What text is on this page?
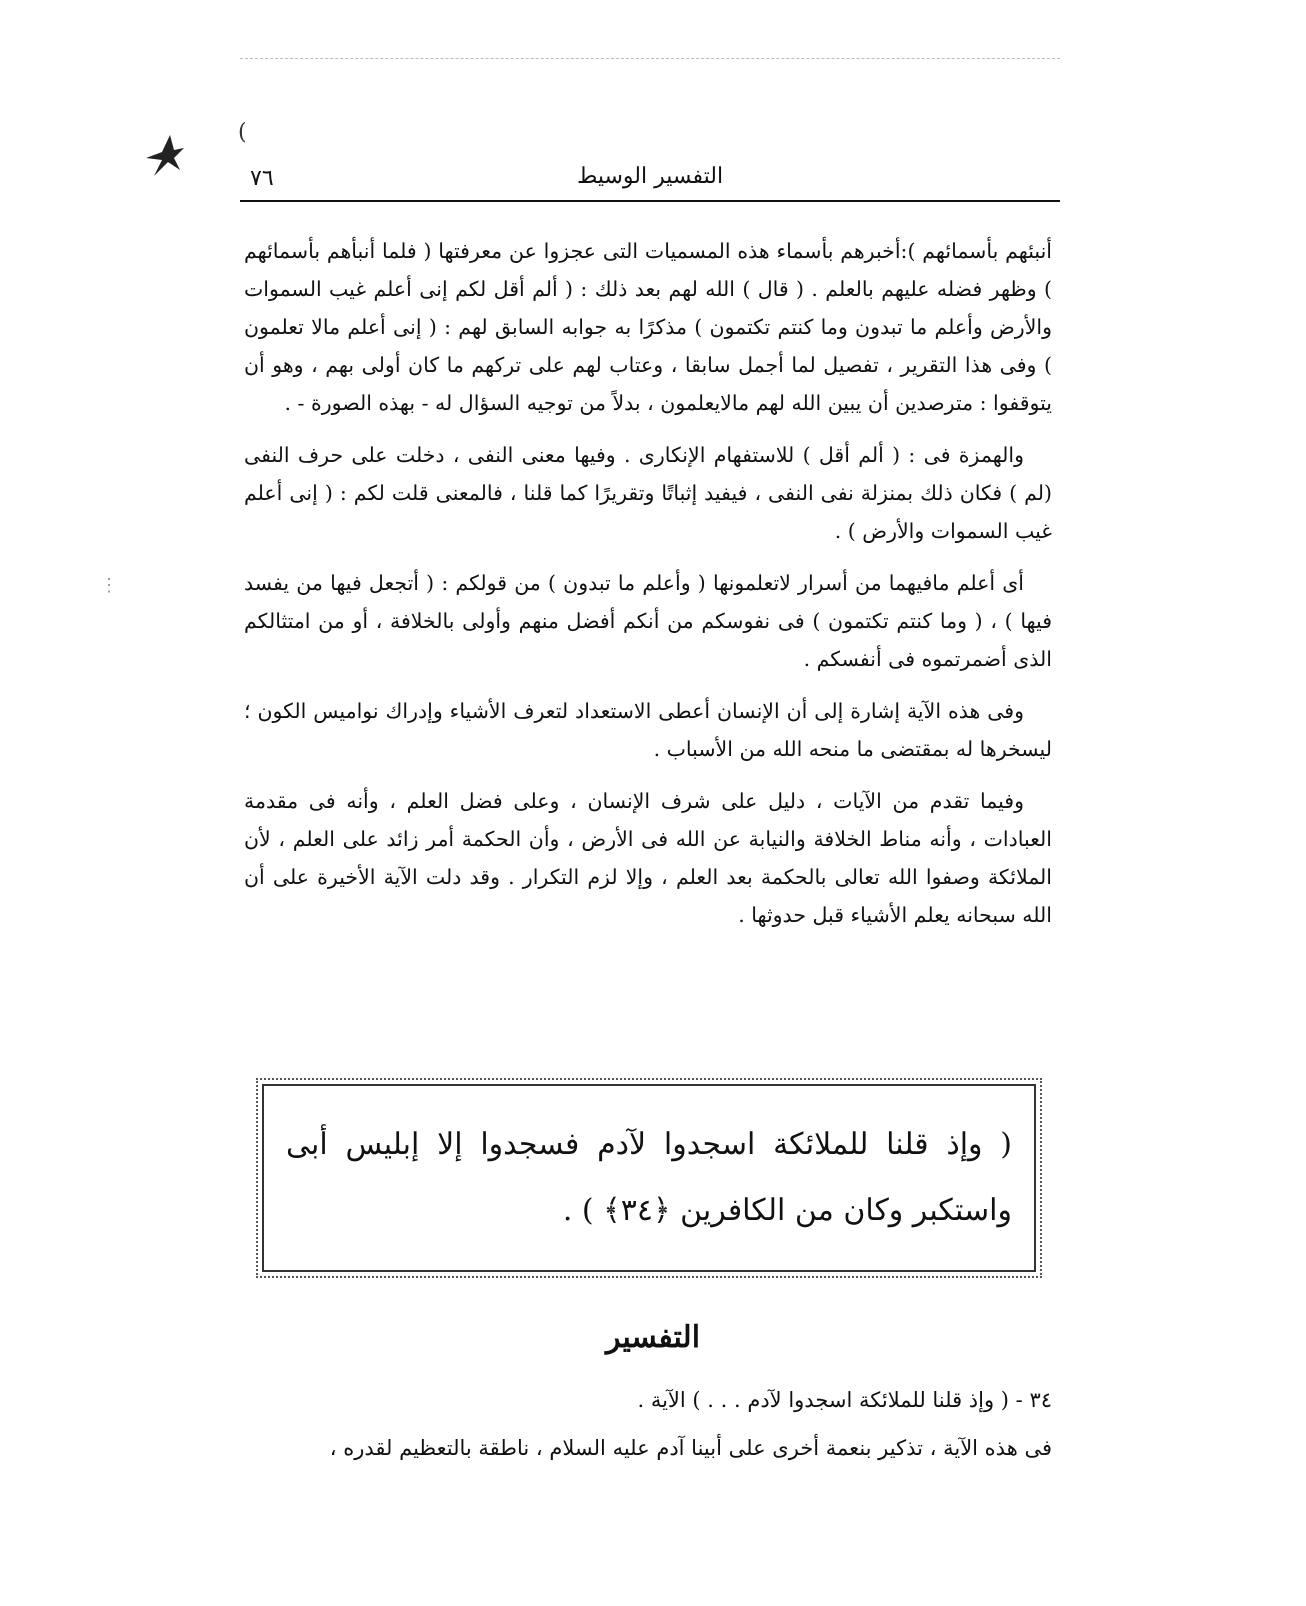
(
⋮
٧٦	التفسير الوسيط

أنبئهم بأسمائهم ):أخبرهم بأسماء هذه المسميات التى عجزوا عن معرفتها ( فلما أنبأهم بأسمائهم ) وظهر فضله عليهم بالعلم . ( قال ) الله لهم بعد ذلك : ( ألم أقل لكم إنى أعلم غيب السموات والأرض وأعلم ما تبدون وما كنتم تكتمون ) مذكرًا به جوابه السابق لهم : ( إنى أعلم مالا تعلمون ) وفى هذا التقرير ، تفصيل لما أجمل سابقا ، وعتاب لهم على تركهم ما كان أولى بهم ، وهو أن يتوقفوا : مترصدين أن يبين الله لهم مالايعلمون ، بدلاً من توجيه السؤال له - بهذه الصورة - .

والهمزة فى : ( ألم أقل ) للاستفهام الإنكارى . وفيها معنى النفى ، دخلت على حرف النفى (لم ) فكان ذلك بمنزلة نفى النفى ، فيفيد إثباتًا وتقريرًا كما قلنا ، فالمعنى قلت لكم : ( إنى أعلم غيب السموات والأرض ) .

أى أعلم مافيهما من أسرار لاتعلمونها ( وأعلم ما تبدون ) من قولكم : ( أتجعل فيها من يفسد فيها ) ، ( وما كنتم تكتمون ) فى نفوسكم من أنكم أفضل منهم وأولى بالخلافة ، أو من امتثالكم الذى أضمرتموه فى أنفسكم .

وفى هذه الآية إشارة إلى أن الإنسان أعطى الاستعداد لتعرف الأشياء وإدراك نواميس الكون ؛ ليسخرها له بمقتضى ما منحه الله من الأسباب .

وفيما تقدم من الآيات ، دليل على شرف الإنسان ، وعلى فضل العلم ، وأنه فى مقدمة العبادات ، وأنه مناط الخلافة والنيابة عن الله فى الأرض ، وأن الحكمة أمر زائد على العلم ، لأن الملائكة وصفوا الله تعالى بالحكمة بعد العلم ، وإلا لزم التكرار . وقد دلت الآية الأخيرة على أن الله سبحانه يعلم الأشياء قبل حدوثها .

( وإذ قلنا للملائكة اسجدوا لآدم فسجدوا إلا إبليس أبى واستكبر وكان من الكافرين ﴿٣٤﴾ ) .
التفسير
٣٤ - ( وإذ قلنا للملائكة اسجدوا لآدم . . . ) الآية .
فى هذه الآية ، تذكير بنعمة أخرى على أبينا آدم عليه السلام ، ناطقة بالتعظيم لقدره ،
